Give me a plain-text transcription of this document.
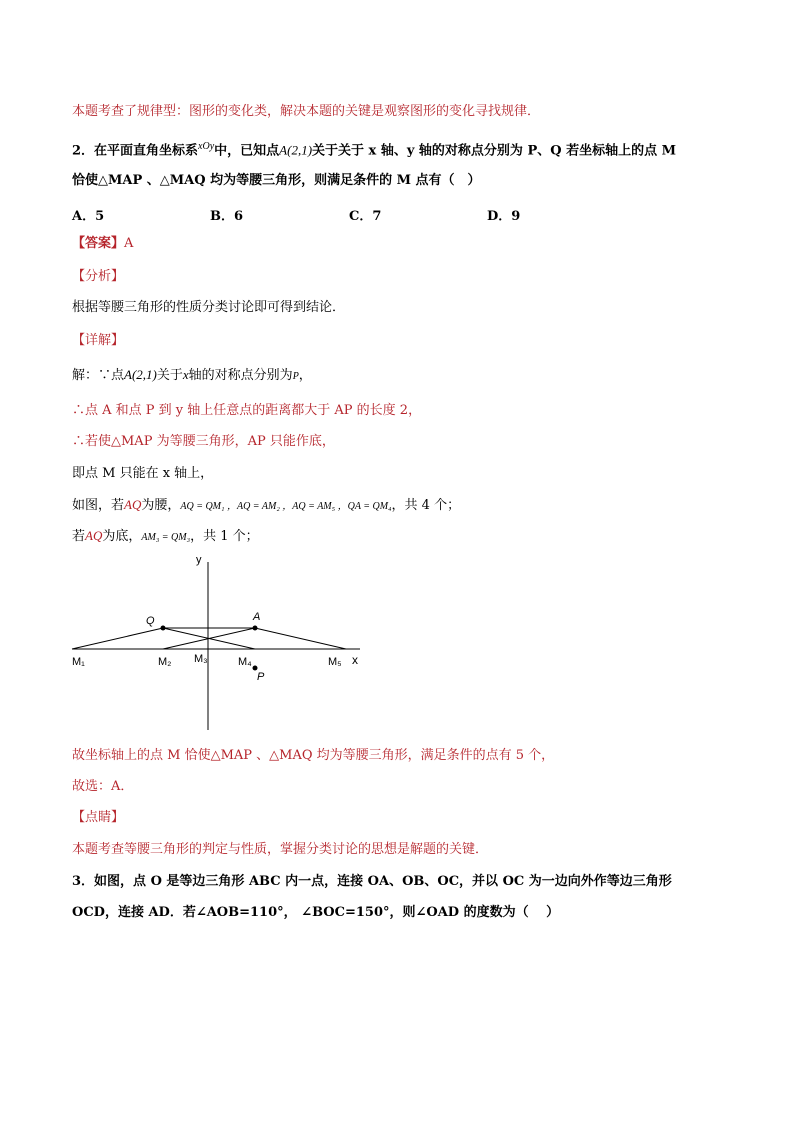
本题考查了规律型：图形的变化类，解决本题的关键是观察图形的变化寻找规律．
2．在平面直角坐标系$^{xOy}$中，已知点A(2,1)关于关于 x 轴、y 轴的对称点分别为 P、Q 若坐标轴上的点 M
恰使△MAP 、△MAQ 均为等腰三角形，则满足条件的 M 点有（　）
A．5	B．6	C．7	D．9
【答案】A
【分析】
根据等腰三角形的性质分类讨论即可得到结论．
【详解】
解：∵点A(2,1)关于x轴的对称点分别为P，
∴点 A 和点 P 到 y 轴上任意点的距离都大于 AP 的长度 2，
∴若使△MAP 为等腰三角形，AP 只能作底，
即点 M 只能在 x 轴上，
如图，若AQ为腰，AQ = QM₁ ，AQ = AM₂ ，AQ = AM₅ ，QA = QM₄，共 4 个；
若AQ为底，AM₃ = QM₃，共 1 个；
y
x
Q	A
P
M₁	M₂ M₃	M₄	M₅
故坐标轴上的点 M 恰使△MAP 、△MAQ 均为等腰三角形，满足条件的点有 5 个，
故选：A．
【点睛】
本题考查等腰三角形的判定与性质，掌握分类讨论的思想是解题的关键．
3．如图，点 O 是等边三角形 ABC 内一点，连接 OA、OB、OC，并以 OC 为一边向外作等边三角形
OCD，连接 AD．若∠AOB=110°， ∠BOC=150°，则∠OAD 的度数为（　 ）
